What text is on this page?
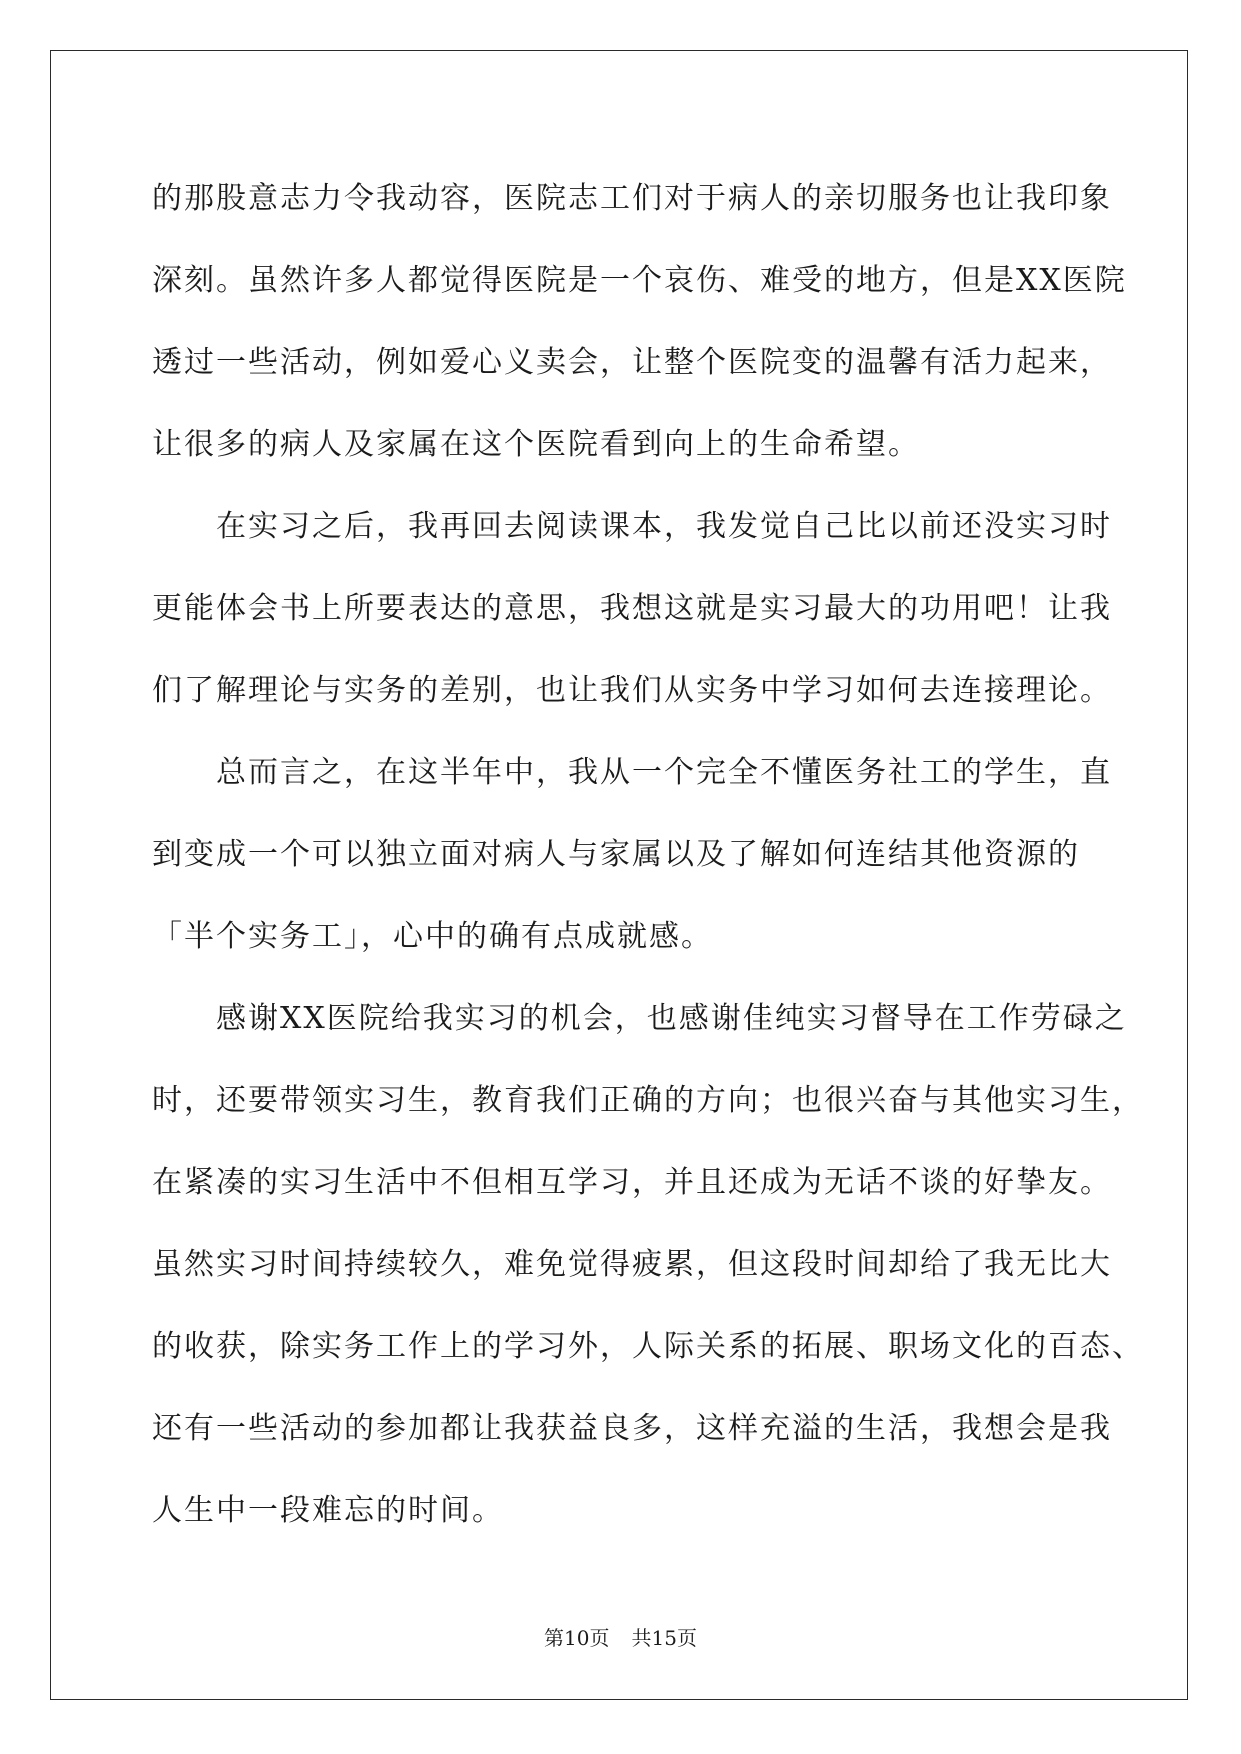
的那股意志力令我动容，医院志工们对于病人的亲切服务也让我印象
深刻。虽然许多人都觉得医院是一个哀伤、难受的地方，但是XX医院
透过一些活动，例如爱心义卖会，让整个医院变的温馨有活力起来，
让很多的病人及家属在这个医院看到向上的生命希望。
　　在实习之后，我再回去阅读课本，我发觉自己比以前还没实习时
更能体会书上所要表达的意思，我想这就是实习最大的功用吧！让我
们了解理论与实务的差别，也让我们从实务中学习如何去连接理论。
　　总而言之，在这半年中，我从一个完全不懂医务社工的学生，直
到变成一个可以独立面对病人与家属以及了解如何连结其他资源的
「半个实务工」，心中的确有点成就感。
　　感谢XX医院给我实习的机会，也感谢佳纯实习督导在工作劳碌之
时，还要带领实习生，教育我们正确的方向；也很兴奋与其他实习生，
在紧凑的实习生活中不但相互学习，并且还成为无话不谈的好挚友。
虽然实习时间持续较久，难免觉得疲累，但这段时间却给了我无比大
的收获，除实务工作上的学习外，人际关系的拓展、职场文化的百态、
还有一些活动的参加都让我获益良多，这样充溢的生活，我想会是我
人生中一段难忘的时间。
第10页 共15页
